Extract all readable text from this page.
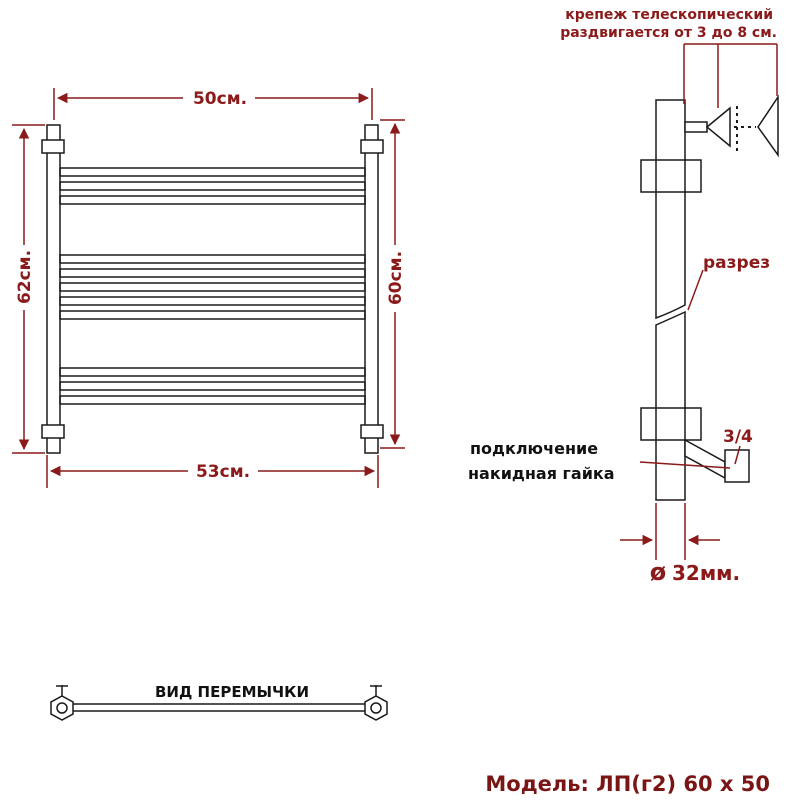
50см.
53см.
62см.	60см.
крепеж телескопический
раздвигается от 3 до 8 см.
разрез
3/4
подключение
накидная гайка
ø 32мм.
ВИД ПЕРЕМЫЧКИ
Модель: ЛП(г2) 60 х 50
